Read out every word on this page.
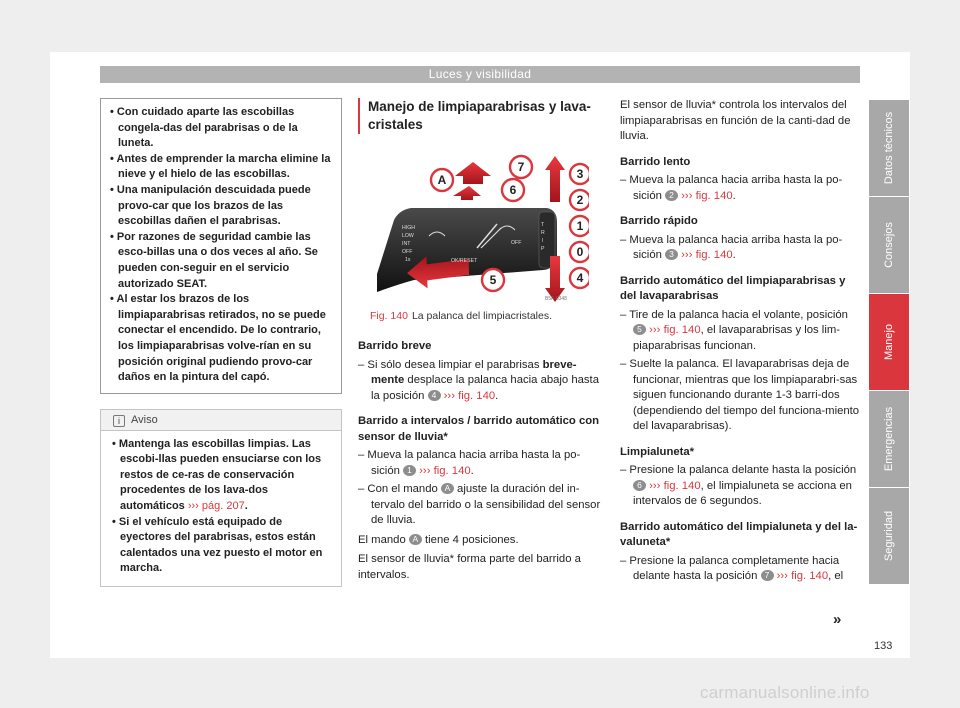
Luces y visibilidad

• Con cuidado aparte las escobillas congela-das del parabrisas o de la luneta.

• Antes de emprender la marcha elimine la nieve y el hielo de las escobillas.

• Una manipulación descuidada puede provo-car que los brazos de las escobillas dañen el parabrisas.

• Por razones de seguridad cambie las esco-billas una o dos veces al año. Se pueden con-seguir en el servicio autorizado SEAT.

• Al estar los brazos de los limpiaparabrisas retirados, no se puede conectar el encendido. De lo contrario, los limpiaparabrisas volve-rían en su posición original pudiendo provo-car daños en la pintura del capó.

i Aviso

• Mantenga las escobillas limpias. Las escobi-llas pueden ensuciarse con los restos de ce-ras de conservación procedentes de los lava-dos automáticos ››› pág. 207.

• Si el vehículo está equipado de eyectores del parabrisas, estos están calentados una vez puesto el motor en marcha.

Manejo de limpiaparabrisas y lava-cristales
HIGH
LOW
INT
OFF
1x	OK/RESET
OFF
T
R
I
P
A
7
6
5
3
2
1
0
4
B5F-0348
Fig. 140 La palanca del limpiacristales.

Barrido breve

– Si sólo desea limpiar el parabrisas breve-mente desplace la palanca hacia abajo hasta la posición 4 ››› fig. 140.

Barrido a intervalos / barrido automático con sensor de lluvia*

– Mueva la palanca hacia arriba hasta la po-sición 1 ››› fig. 140.

– Con el mando A ajuste la duración del in-tervalo del barrido o la sensibilidad del sensor de lluvia.

El mando A tiene 4 posiciones.

El sensor de lluvia* forma parte del barrido a intervalos.

El sensor de lluvia* controla los intervalos del limpiaparabrisas en función de la canti-dad de lluvia.

Barrido lento

– Mueva la palanca hacia arriba hasta la po-sición 2 ››› fig. 140.

Barrido rápido

– Mueva la palanca hacia arriba hasta la po-sición 3 ››› fig. 140.

Barrido automático del limpiaparabrisas y del lavaparabrisas

– Tire de la palanca hacia el volante, posición 5 ››› fig. 140, el lavaparabrisas y los lim-piaparabrisas funcionan.

– Suelte la palanca. El lavaparabrisas deja de funcionar, mientras que los limpiaparabri-sas siguen funcionando durante 1-3 barri-dos (dependiendo del tiempo del funciona-miento del lavaparabrisas).

Limpialuneta*

– Presione la palanca delante hasta la posición 6 ››› fig. 140, el limpialuneta se acciona en intervalos de 6 segundos.

Barrido automático del limpialuneta y del la-valuneta*

– Presione la palanca completamente hacia delante hasta la posición 7 ››› fig. 140, el

»
Datos técnicos
Consejos
Manejo
Emergencias
Seguridad
133
carmanualsonline.info
